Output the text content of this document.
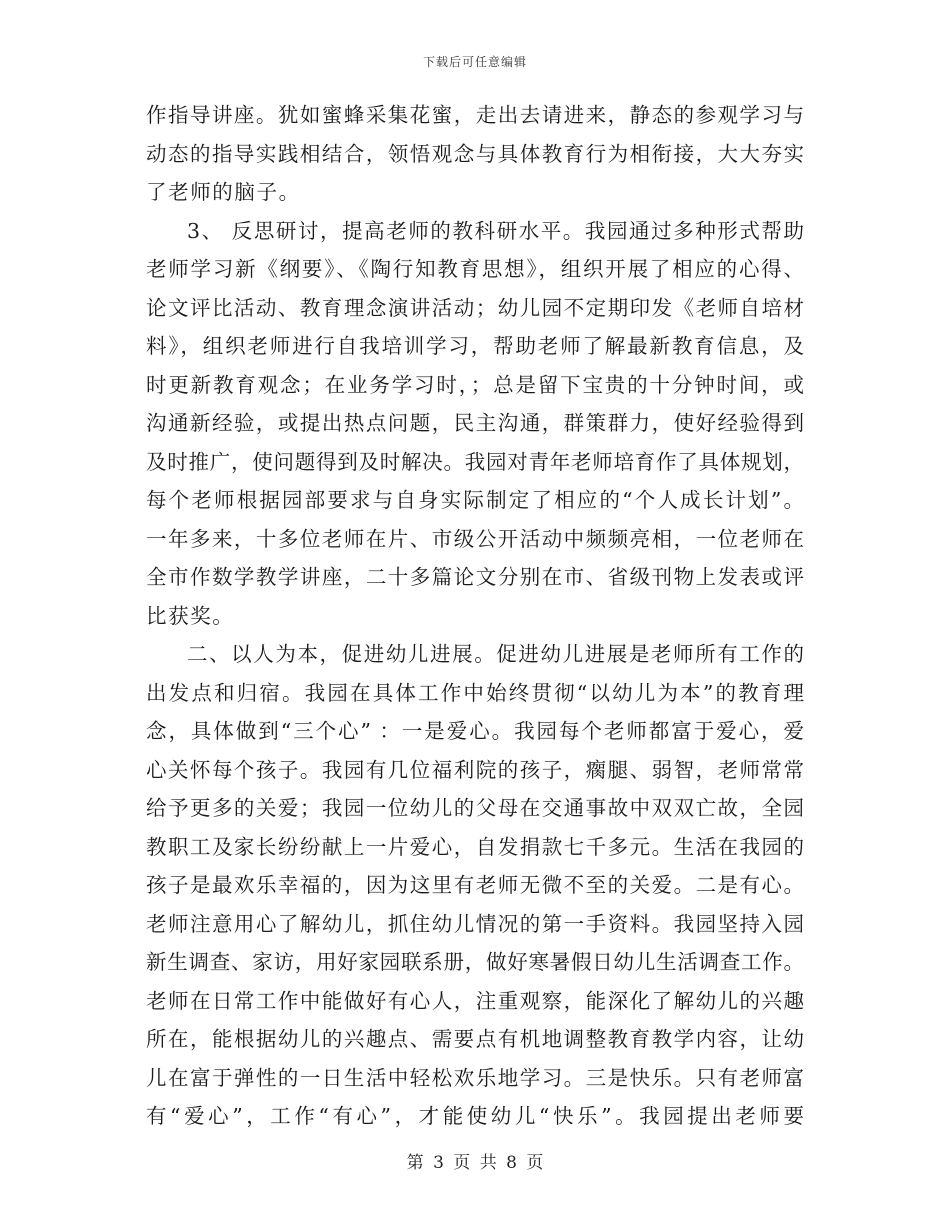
下载后可任意编辑
作指导讲座。犹如蜜蜂采集花蜜，走出去请进来，静态的参观学习与
动态的指导实践相结合，领悟观念与具体教育行为相衔接，大大夯实
了老师的脑子。
3、 反思研讨，提高老师的教科研水平。我园通过多种形式帮助
老师学习新《纲要》、《陶行知教育思想》，组织开展了相应的心得、
论文评比活动、教育理念演讲活动；幼儿园不定期印发《老师自培材
料》，组织老师进行自我培训学习，帮助老师了解最新教育信息，及
时更新教育观念；在业务学习时，；总是留下宝贵的十分钟时间，或
沟通新经验，或提出热点问题，民主沟通，群策群力，使好经验得到
及时推广，使问题得到及时解决。我园对青年老师培育作了具体规划，
每个老师根据园部要求与自身实际制定了相应的“个人成长计划”。
一年多来，十多位老师在片、市级公开活动中频频亮相，一位老师在
全市作数学教学讲座，二十多篇论文分别在市、省级刊物上发表或评
比获奖。
二、以人为本，促进幼儿进展。促进幼儿进展是老师所有工作的
出发点和归宿。我园在具体工作中始终贯彻“以幼儿为本”的教育理
念，具体做到“三个心” ：一是爱心。我园每个老师都富于爱心，爱
心关怀每个孩子。我园有几位福利院的孩子，瘸腿、弱智，老师常常
给予更多的关爱；我园一位幼儿的父母在交通事故中双双亡故，全园
教职工及家长纷纷献上一片爱心，自发捐款七千多元。生活在我园的
孩子是最欢乐幸福的，因为这里有老师无微不至的关爱。二是有心。
老师注意用心了解幼儿，抓住幼儿情况的第一手资料。我园坚持入园
新生调查、家访，用好家园联系册，做好寒暑假日幼儿生活调查工作。
老师在日常工作中能做好有心人，注重观察，能深化了解幼儿的兴趣
所在，能根据幼儿的兴趣点、需要点有机地调整教育教学内容，让幼
儿在富于弹性的一日生活中轻松欢乐地学习。三是快乐。只有老师富
有“爱心”，工作“有心”，才能使幼儿“快乐”。我园提出老师要
第 3 页 共 8 页
